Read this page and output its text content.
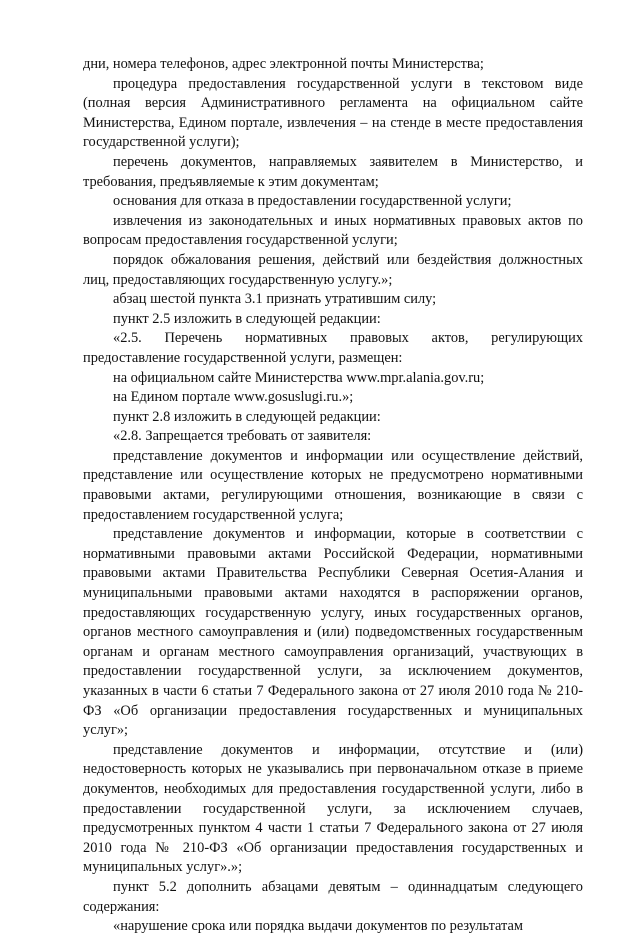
дни, номера телефонов, адрес электронной почты Министерства;

процедура предоставления государственной услуги в текстовом виде (полная версия Административного регламента на официальном сайте Министерства, Едином портале, извлечения – на стенде в месте предоставления государственной услуги);

перечень документов, направляемых заявителем в Министерство, и требования, предъявляемые к этим документам;

основания для отказа в предоставлении государственной услуги;

извлечения из законодательных и иных нормативных правовых актов по вопросам предоставления государственной услуги;

порядок обжалования решения, действий или бездействия должностных лиц, предоставляющих государственную услугу.»;

абзац шестой пункта 3.1 признать утратившим силу;

пункт 2.5 изложить в следующей редакции:

«2.5. Перечень нормативных правовых актов, регулирующих предоставление государственной услуги, размещен:

на официальном сайте Министерства www.mpr.alania.gov.ru;

на Едином портале www.gosuslugi.ru.»;

пункт 2.8 изложить в следующей редакции:

«2.8. Запрещается требовать от заявителя:

представление документов и информации или осуществление действий, представление или осуществление которых не предусмотрено нормативными правовыми актами, регулирующими отношения, возникающие в связи с предоставлением государственной услуга;

представление документов и информации, которые в соответствии с нормативными правовыми актами Российской Федерации, нормативными правовыми актами Правительства Республики Северная Осетия-Алания и муниципальными правовыми актами находятся в распоряжении органов, предоставляющих государственную услугу, иных государственных органов, органов местного самоуправления и (или) подведомственных государственным органам и органам местного самоуправления организаций, участвующих в предоставлении государственной услуги, за исключением документов, указанных в части 6 статьи 7 Федерального закона от 27 июля 2010 года № 210-ФЗ «Об организации предоставления государственных и муниципальных услуг»;

представление документов и информации, отсутствие и (или) недостоверность которых не указывались при первоначальном отказе в приеме документов, необходимых для предоставления государственной услуги, либо в предоставлении государственной услуги, за исключением случаев, предусмотренных пунктом 4 части 1 статьи 7 Федерального закона от 27 июля 2010 года № 210-ФЗ «Об организации предоставления государственных и муниципальных услуг».»;

пункт 5.2 дополнить абзацами девятым – одиннадцатым следующего содержания:

«нарушение срока или порядка выдачи документов по результатам
